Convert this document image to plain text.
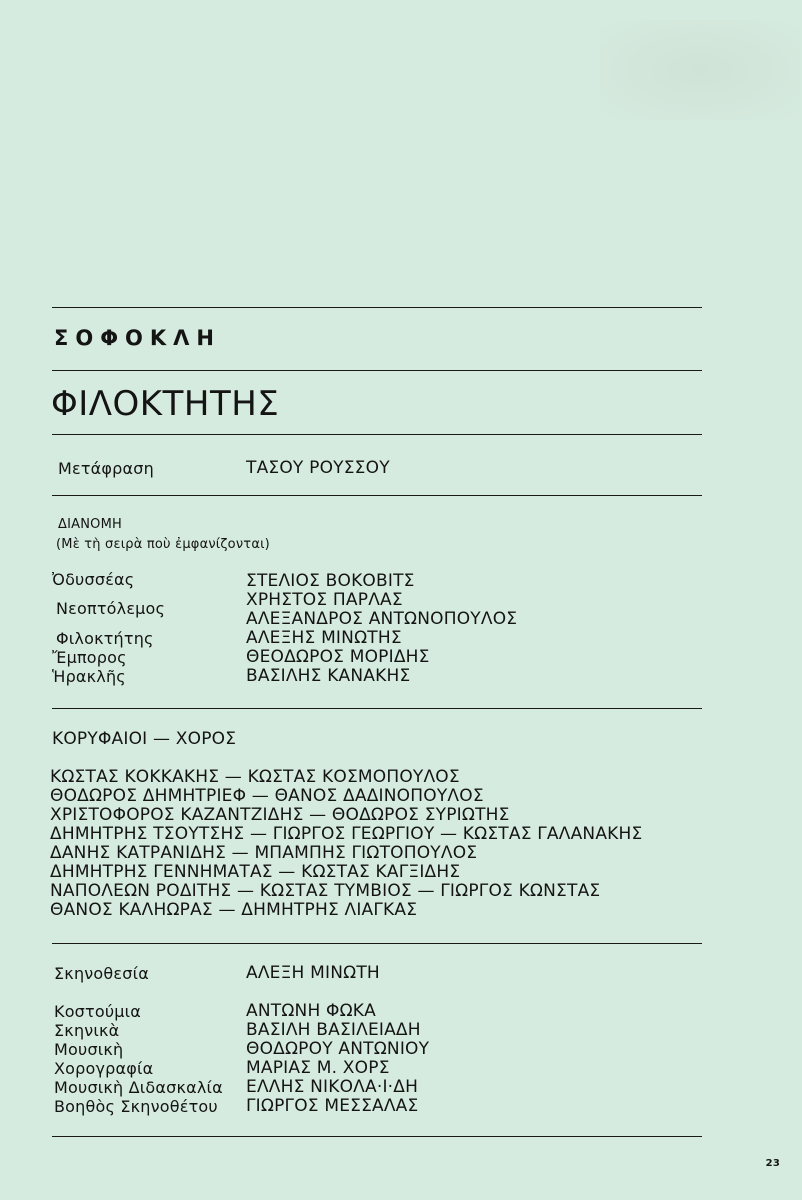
ΣΟΦΟΚΛΗ
ΦΙΛΟΚΤΗΤΗΣ
Μετάφραση	ΤΑΣΟΥ ΡΟΥΣΣΟΥ
ΔΙΑΝΟΜΗ
(Μὲ τὴ σειρὰ ποὺ ἐμφανίζονται)
Ὀδυσσέας	ΣΤΕΛΙΟΣ ΒΟΚΟΒΙΤΣ
Νεοπτόλεμος	ΧΡΗΣΤΟΣ ΠΑΡΛΑΣ
ΑΛΕΞΑΝΔΡΟΣ ΑΝΤΩΝΟΠΟΥΛΟΣ
Φιλοκτήτης	ΑΛΕΞΗΣ ΜΙΝΩΤΗΣ
Ἔμπορος	ΘΕΟΔΩΡΟΣ ΜΟΡΙΔΗΣ
Ἡρακλῆς	ΒΑΣΙΛΗΣ ΚΑΝΑΚΗΣ
ΚΟΡΥΦΑΙΟΙ — ΧΟΡΟΣ
ΚΩΣΤΑΣ ΚΟΚΚΑΚΗΣ — ΚΩΣΤΑΣ ΚΟΣΜΟΠΟΥΛΟΣ
ΘΟΔΩΡΟΣ ΔΗΜΗΤΡΙΕΦ — ΘΑΝΟΣ ΔΑΔΙΝΟΠΟΥΛΟΣ
ΧΡΙΣΤΟΦΟΡΟΣ ΚΑΖΑΝΤΖΙΔΗΣ — ΘΟΔΩΡΟΣ ΣΥΡΙΩΤΗΣ
ΔΗΜΗΤΡΗΣ ΤΣΟΥΤΣΗΣ — ΓΙΩΡΓΟΣ ΓΕΩΡΓΙΟΥ — ΚΩΣΤΑΣ ΓΑΛΑΝΑΚΗΣ
ΔΑΝΗΣ ΚΑΤΡΑΝΙΔΗΣ — ΜΠΑΜΠΗΣ ΓΙΩΤΟΠΟΥΛΟΣ
ΔΗΜΗΤΡΗΣ ΓΕΝΝΗΜΑΤΑΣ — ΚΩΣΤΑΣ ΚΑΓΞΙΔΗΣ
ΝΑΠΟΛΕΩΝ ΡΟΔΙΤΗΣ — ΚΩΣΤΑΣ ΤΥΜΒΙΟΣ — ΓΙΩΡΓΟΣ ΚΩΝΣΤΑΣ
ΘΑΝΟΣ ΚΑΛΗΩΡΑΣ — ΔΗΜΗΤΡΗΣ ΛΙΑΓΚΑΣ
Σκηνοθεσία	ΑΛΕΞΗ ΜΙΝΩΤΗ
Κοστούμια	ΑΝΤΩΝΗ ΦΩΚΑ
Σκηνικὰ	ΒΑΣΙΛΗ ΒΑΣΙΛΕΙΑΔΗ
Μουσικὴ	ΘΟΔΩΡΟΥ ΑΝΤΩΝΙΟΥ
Χορογραφία	ΜΑΡΙΑΣ Μ. ΧΟΡΣ
Μουσικὴ Διδασκαλία ΕΛΛΗΣ ΝΙΚΟΛΑ·Ι·ΔΗ
Βοηθὸς Σκηνοθέτου ΓΙΩΡΓΟΣ ΜΕΣΣΑΛΑΣ
23
